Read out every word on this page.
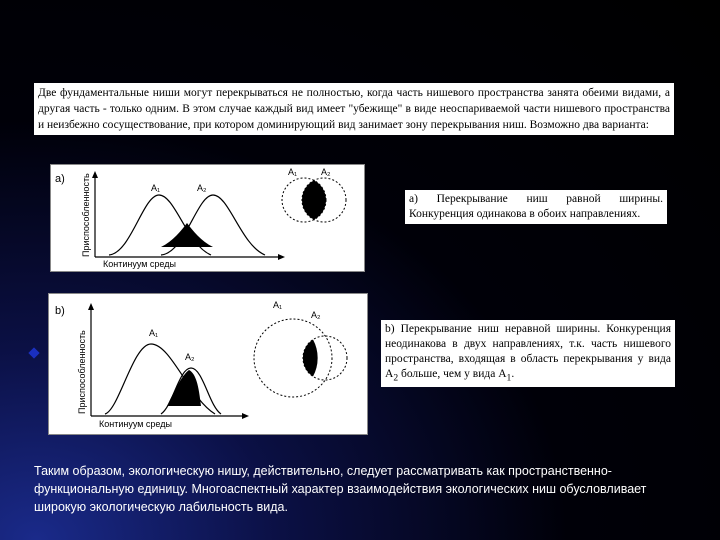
Две фундаментальные ниши могут перекрываться не полностью, когда часть нишевого пространства занята обеими видами, а другая часть - только одним. В этом случае каждый вид имеет "убежище" в виде неоспариваемой части нишевого пространства и неизбежно сосуществование, при котором доминирующий вид занимает зону перекрывания ниш. Возможно два варианта:
a) Приспособленность
Континуум среды
A₁	A₂
A₁	A₂
а) Перекрывание ниш равной ширины. Конкуренция одинакова в обоих направлениях.
b)
Приспособленность
Континуум среды
A₁
A₂
A₁
A₂
b) Перекрывание ниш неравной ширины. Конкуренция неодинакова в двух направлениях, т.к. часть нишевого пространства, входящая в область перекрывания у вида $A_2$ больше, чем у вида $A_1$.
Таким образом, экологическую нишу, действительно, следует рассматривать как пространственно-функциональную единицу. Многоаспектный характер взаимодействия экологических ниш обусловливает широкую экологическую лабильность вида.
